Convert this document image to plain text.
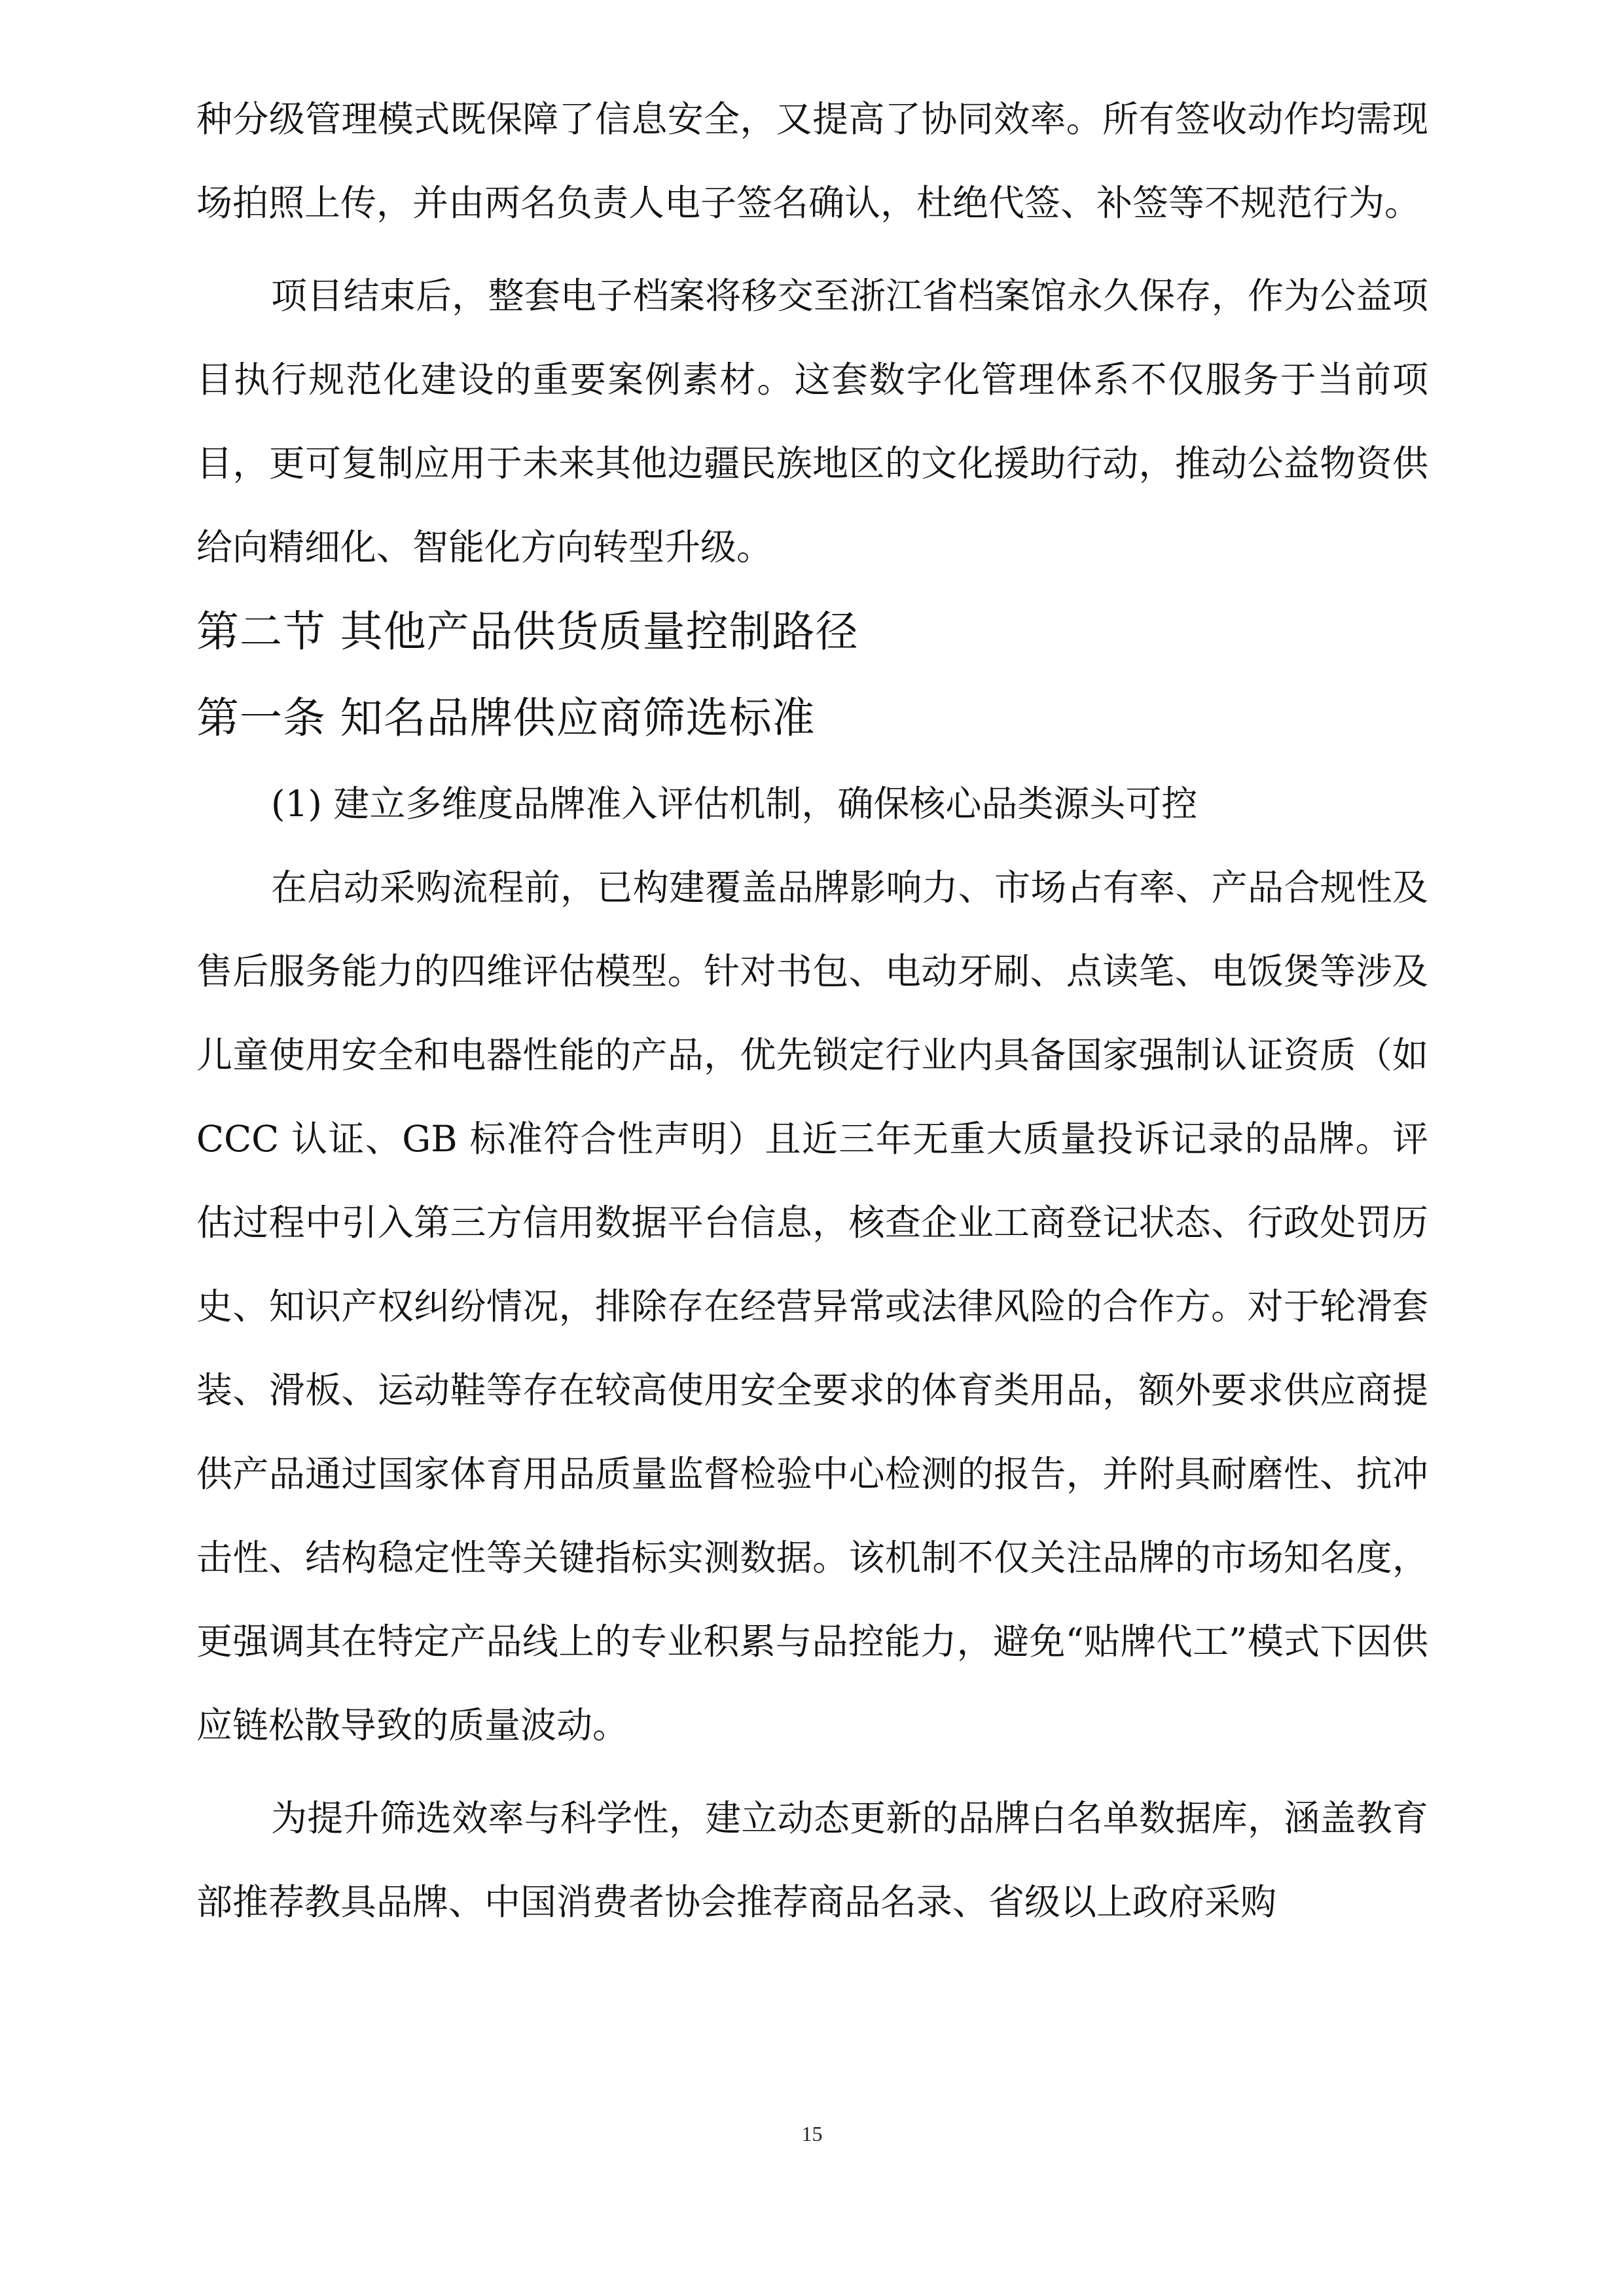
种分级管理模式既保障了信息安全，又提高了协同效率。所有签收动作均需现场拍照上传，并由两名负责人电子签名确认，杜绝代签、补签等不规范行为。

项目结束后，整套电子档案将移交至浙江省档案馆永久保存，作为公益项目执行规范化建设的重要案例素材。这套数字化管理体系不仅服务于当前项目，更可复制应用于未来其他边疆民族地区的文化援助行动，推动公益物资供给向精细化、智能化方向转型升级。

第二节 其他产品供货质量控制路径
第一条 知名品牌供应商筛选标准

(1) 建立多维度品牌准入评估机制，确保核心品类源头可控

在启动采购流程前，已构建覆盖品牌影响力、市场占有率、产品合规性及售后服务能力的四维评估模型。针对书包、电动牙刷、点读笔、电饭煲等涉及儿童使用安全和电器性能的产品，优先锁定行业内具备国家强制认证资质（如 CCC 认证、GB 标准符合性声明）且近三年无重大质量投诉记录的品牌。评估过程中引入第三方信用数据平台信息，核查企业工商登记状态、行政处罚历史、知识产权纠纷情况，排除存在经营异常或法律风险的合作方。对于轮滑套装、滑板、运动鞋等存在较高使用安全要求的体育类用品，额外要求供应商提供产品通过国家体育用品质量监督检验中心检测的报告，并附具耐磨性、抗冲击性、结构稳定性等关键指标实测数据。该机制不仅关注品牌的市场知名度，更强调其在特定产品线上的专业积累与品控能力，避免“贴牌代工”模式下因供应链松散导致的质量波动。

为提升筛选效率与科学性，建立动态更新的品牌白名单数据库，涵盖教育部推荐教具品牌、中国消费者协会推荐商品名录、省级以上政府采购

15
